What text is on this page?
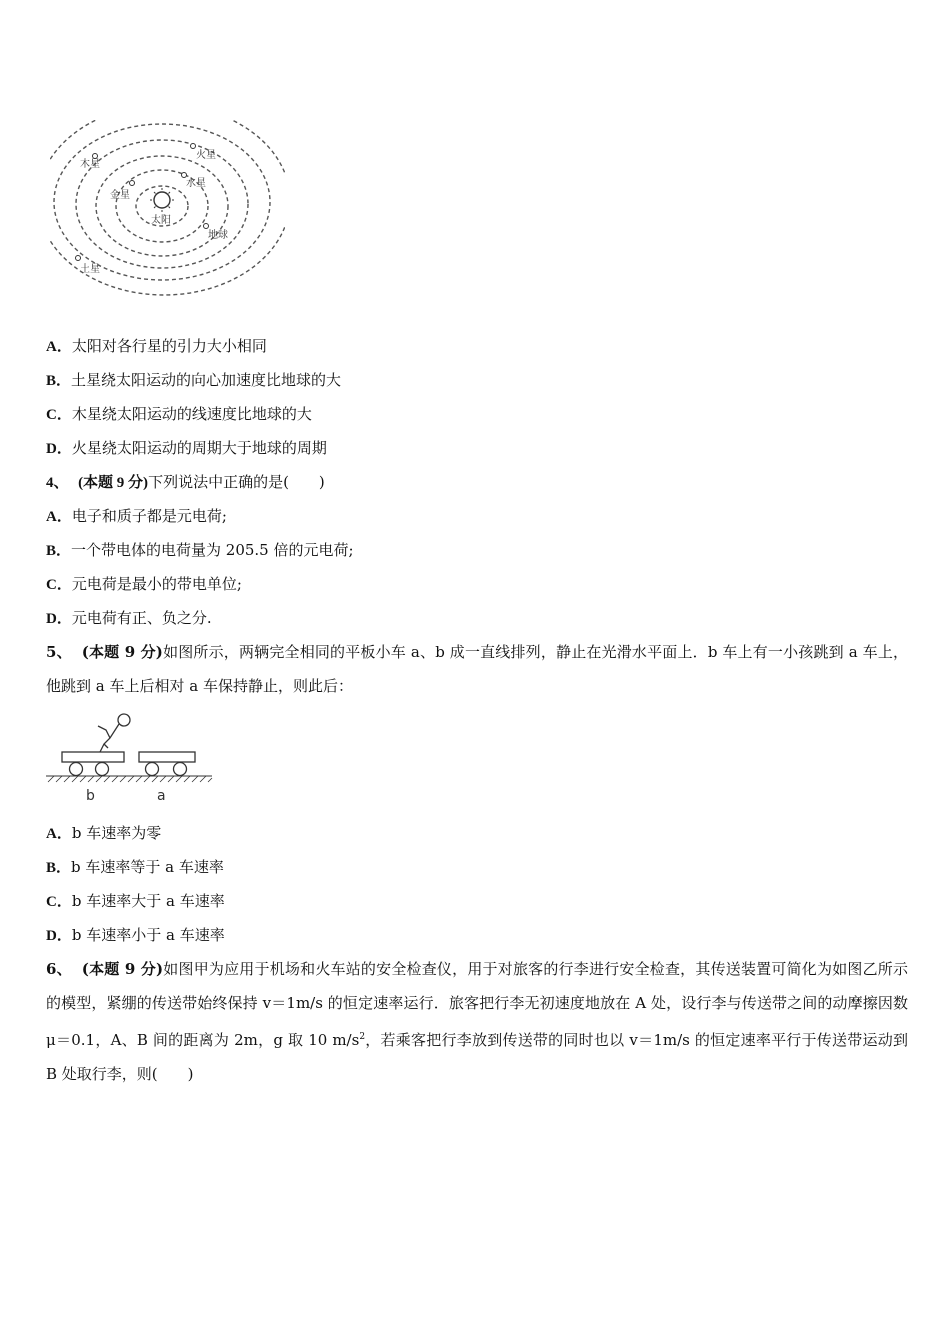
木星
火星
金星
水星
太阳
地球
土星
A．太阳对各行星的引力大小相同
B．土星绕太阳运动的向心加速度比地球的大
C．木星绕太阳运动的线速度比地球的大
D．火星绕太阳运动的周期大于地球的周期
4、 (本题 9 分)下列说法中正确的是(　　)
A．电子和质子都是元电荷;
B．一个带电体的电荷量为 205.5 倍的元电荷;
C．元电荷是最小的带电单位;
D．元电荷有正、负之分.
5、 (本题 9 分)如图所示，两辆完全相同的平板小车 a、b 成一直线排列，静止在光滑水平面上．b 车上有一小孩跳到 a 车上，他跳到 a 车上后相对 a 车保持静止，则此后：
b	a
A．b 车速率为零
B．b 车速率等于 a 车速率
C．b 车速率大于 a 车速率
D．b 车速率小于 a 车速率
6、 (本题 9 分)如图甲为应用于机场和火车站的安全检查仪，用于对旅客的行李进行安全检查，其传送装置可简化为如图乙所示的模型，紧绷的传送带始终保持 v＝1m/s 的恒定速率运行．旅客把行李无初速度地放在 A 处，设行李与传送带之间的动摩擦因数 μ＝0.1，A、B 间的距离为 2m，g 取 10 $m/s^2$，若乘客把行李放到传送带的同时也以 v＝1m/s 的恒定速率平行于传送带运动到 B 处取行李，则(　　)
